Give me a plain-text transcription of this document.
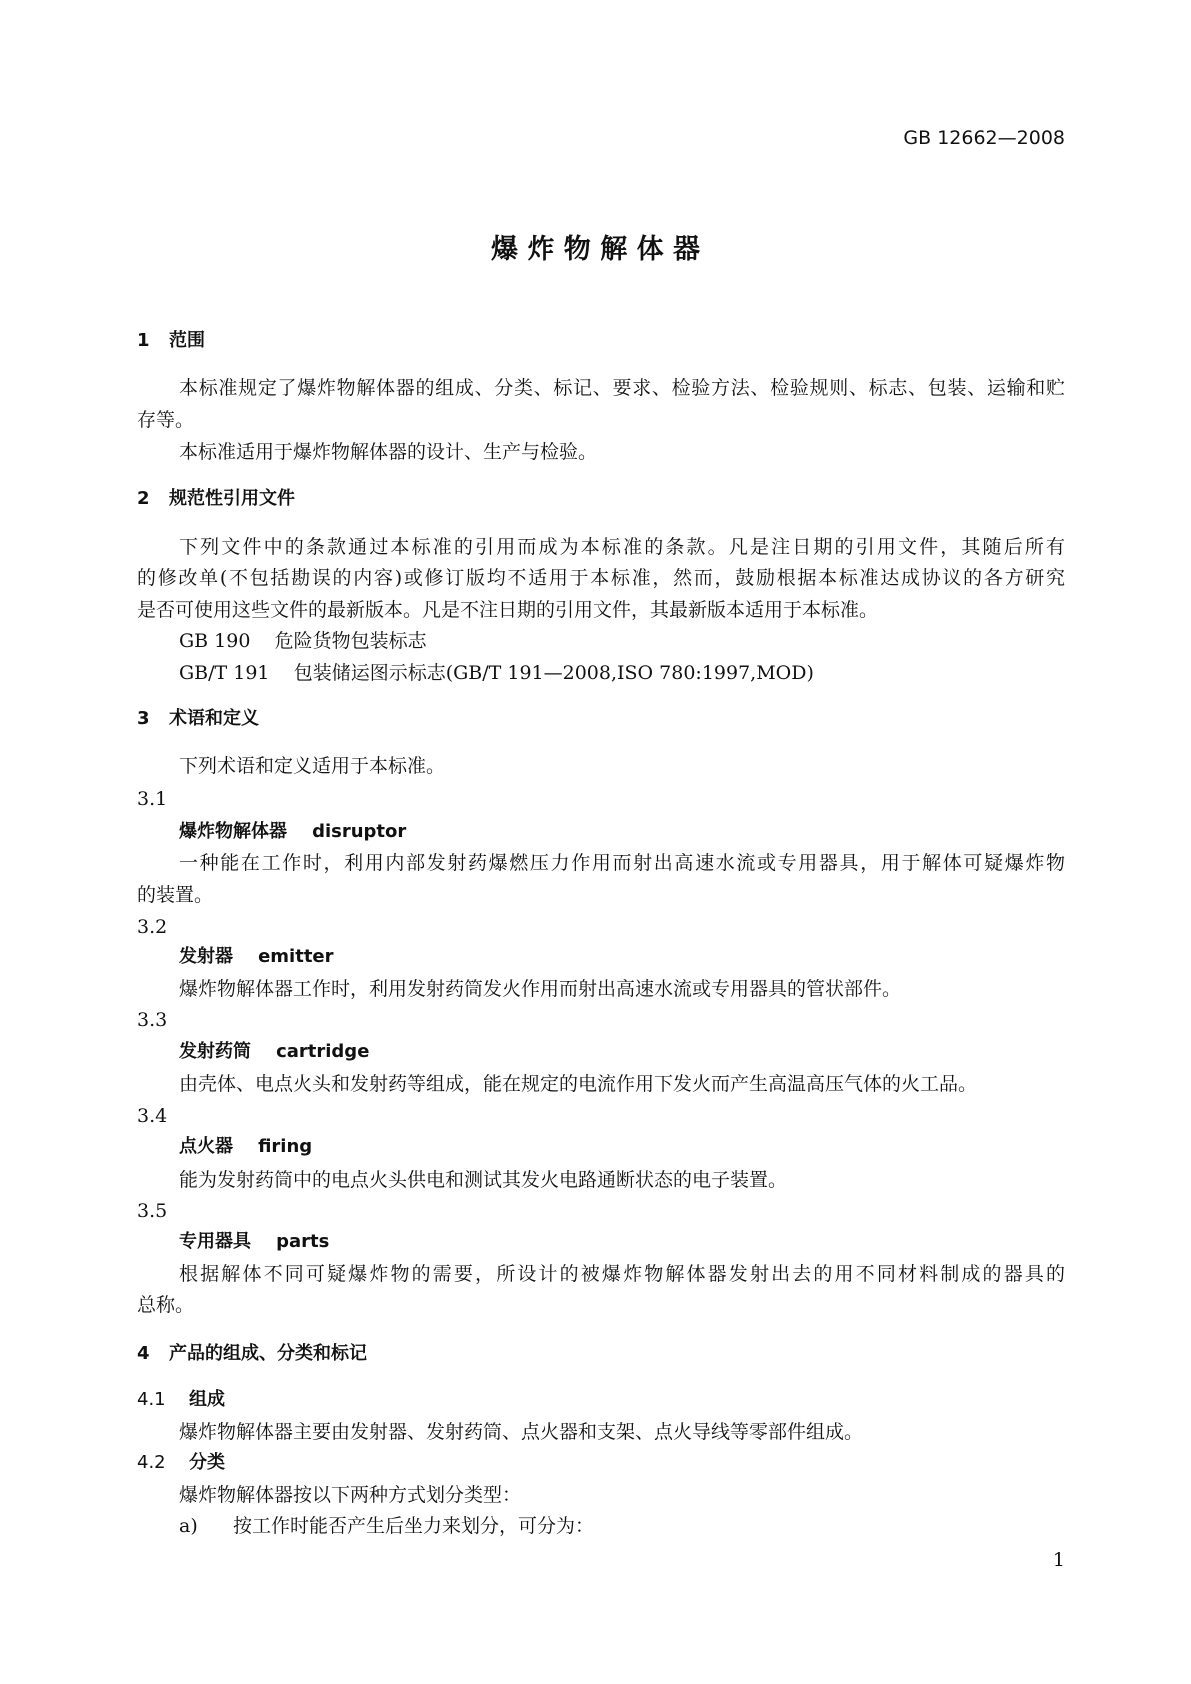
GB 12662—2008
爆 炸 物 解 体 器
1 范围
本标准规定了爆炸物解体器的组成、分类、标记、要求、检验方法、检验规则、标志、包装、运输和贮
存等。
本标准适用于爆炸物解体器的设计、生产与检验。
2 规范性引用文件
下列文件中的条款通过本标准的引用而成为本标准的条款。凡是注日期的引用文件，其随后所有
的修改单(不包括勘误的内容)或修订版均不适用于本标准，然而，鼓励根据本标准达成协议的各方研究
是否可使用这些文件的最新版本。凡是不注日期的引用文件，其最新版本适用于本标准。
GB 190 危险货物包装标志
GB/T 191 包装储运图示标志(GB/T 191—2008,ISO 780:1997,MOD)
3 术语和定义
下列术语和定义适用于本标准。
3.1
爆炸物解体器 disruptor
一种能在工作时，利用内部发射药爆燃压力作用而射出高速水流或专用器具，用于解体可疑爆炸物
的装置。
3.2
发射器 emitter
爆炸物解体器工作时，利用发射药筒发火作用而射出高速水流或专用器具的管状部件。
3.3
发射药筒 cartridge
由壳体、电点火头和发射药等组成，能在规定的电流作用下发火而产生高温高压气体的火工品。
3.4
点火器 firing
能为发射药筒中的电点火头供电和测试其发火电路通断状态的电子装置。
3.5
专用器具 parts
根据解体不同可疑爆炸物的需要，所设计的被爆炸物解体器发射出去的用不同材料制成的器具的
总称。
4 产品的组成、分类和标记
4.1 组成
爆炸物解体器主要由发射器、发射药筒、点火器和支架、点火导线等零部件组成。
4.2 分类
爆炸物解体器按以下两种方式划分类型：
a) 按工作时能否产生后坐力来划分，可分为：
1
